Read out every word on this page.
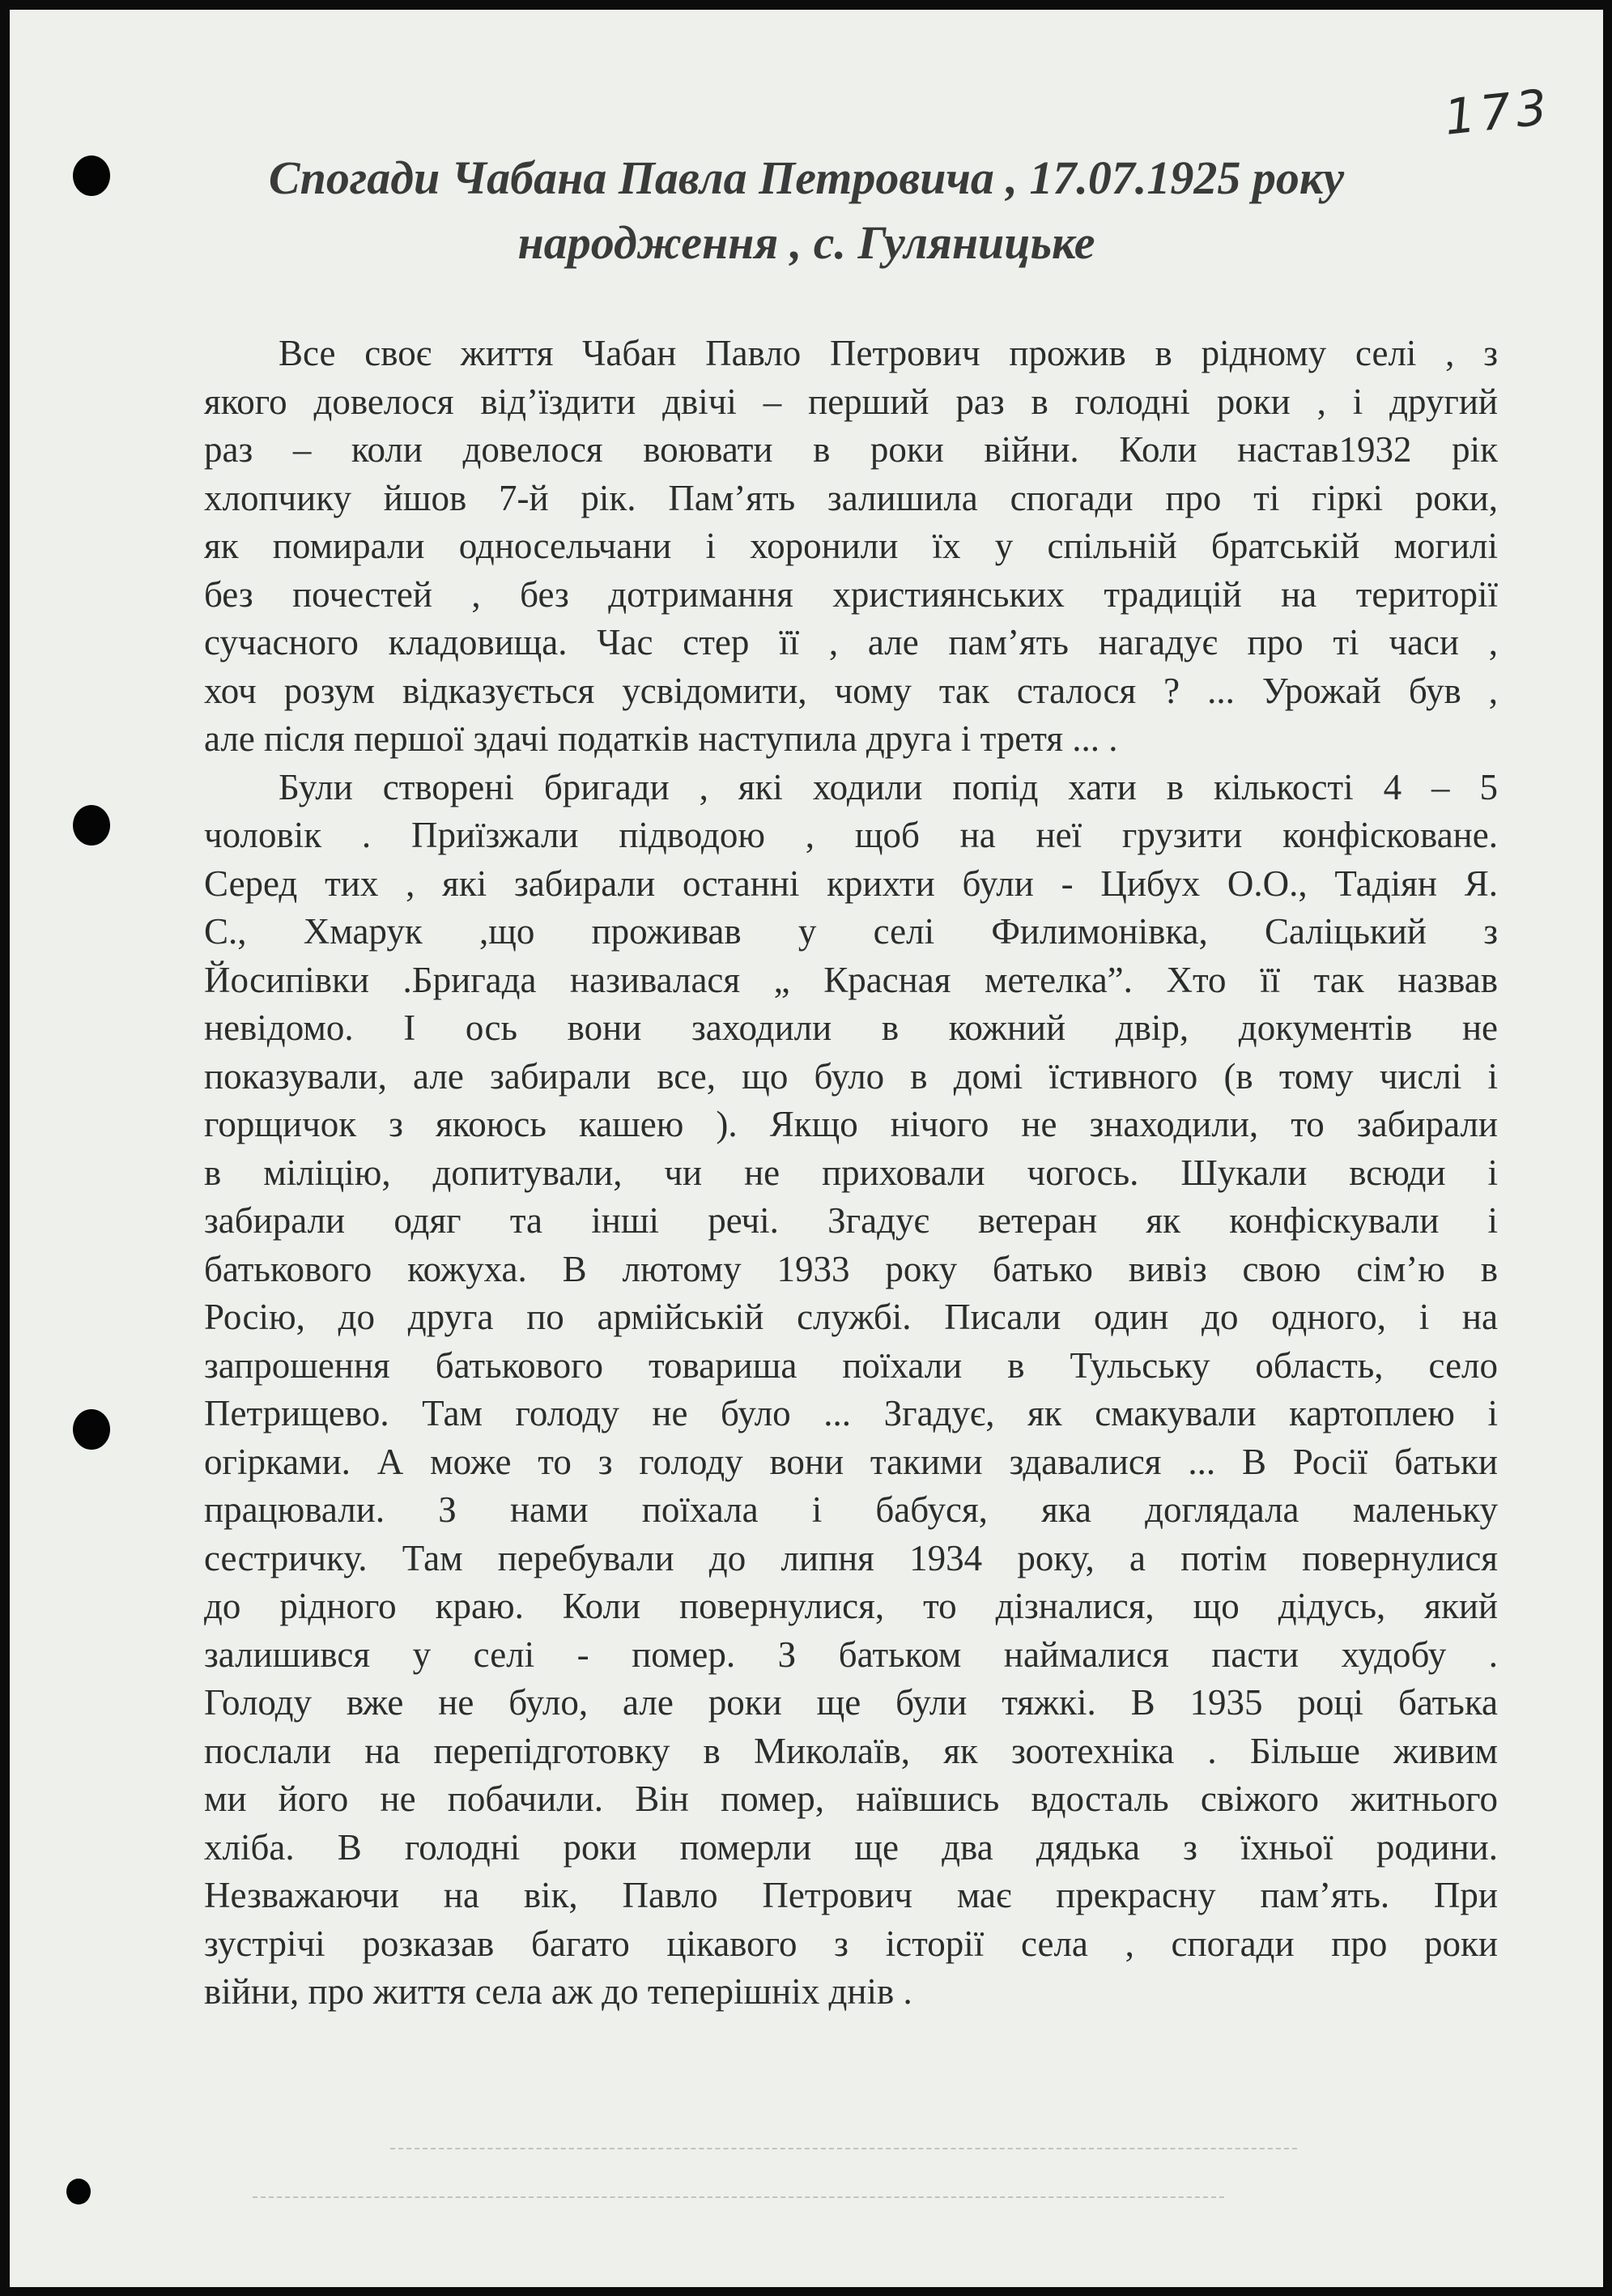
173

Спогади Чабана Павла Петровича , 17.07.1925 року
народження , с. Гуляницьке
Все своє життя Чабан Павло Петрович прожив в рідному селі , з
якого довелося від’їздити двічі – перший раз в голодні роки , і другий
раз – коли довелося воювати в роки війни. Коли настав1932 рік
хлопчику йшов 7-й рік. Пам’ять залишила спогади про ті гіркі роки,
як помирали односельчани і хоронили їх у спільній братській могилі
без почестей , без дотримання християнських традицій на території
сучасного кладовища. Час стер її , але пам’ять нагадує про ті часи ,
хоч розум відказується усвідомити, чому так сталося ? ... Урожай був ,
але після першої здачі податків наступила друга і третя ... .
Були створені бригади , які ходили попід хати в кількості 4 – 5
чоловік . Приїзжали підводою , щоб на неї грузити конфісковане.
Серед тих , які забирали останні крихти були - Цибух О.О., Тадіян Я.
С., Хмарук ,що проживав у селі Филимонівка, Саліцький з
Йосипівки .Бригада називалася „ Красная метелка”. Хто її так назвав
невідомо. І ось вони заходили в кожний двір, документів не
показували, але забирали все, що було в домі їстивного (в тому числі і
горщичок з якоюсь кашею ). Якщо нічого не знаходили, то забирали
в міліцію, допитували, чи не приховали чогось. Шукали всюди і
забирали одяг та інші речі. Згадує ветеран як конфіскували і
батькового кожуха. В лютому 1933 року батько вивіз свою сім’ю в
Росію, до друга по армійській службі. Писали один до одного, і на
запрошення батькового товариша поїхали в Тульську область, село
Петрищево. Там голоду не було ... Згадує, як смакували картоплею і
огірками. А може то з голоду вони такими здавалися ... В Росії батьки
працювали. З нами поїхала і бабуся, яка доглядала маленьку
сестричку. Там перебували до липня 1934 року, а потім повернулися
до рідного краю. Коли повернулися, то дізналися, що дідусь, який
залишився у селі - помер. З батьком наймалися пасти худобу .
Голоду вже не було, але роки ще були тяжкі. В 1935 році батька
послали на перепідготовку в Миколаїв, як зоотехніка . Більше живим
ми його не побачили. Він помер, наївшись вдосталь свіжого житнього
хліба. В голодні роки померли ще два дядька з їхньої родини.
Незважаючи на вік, Павло Петрович має прекрасну пам’ять. При
зустрічі розказав багато цікавого з історії села , спогади про роки
війни, про життя села аж до теперішніх днів .
